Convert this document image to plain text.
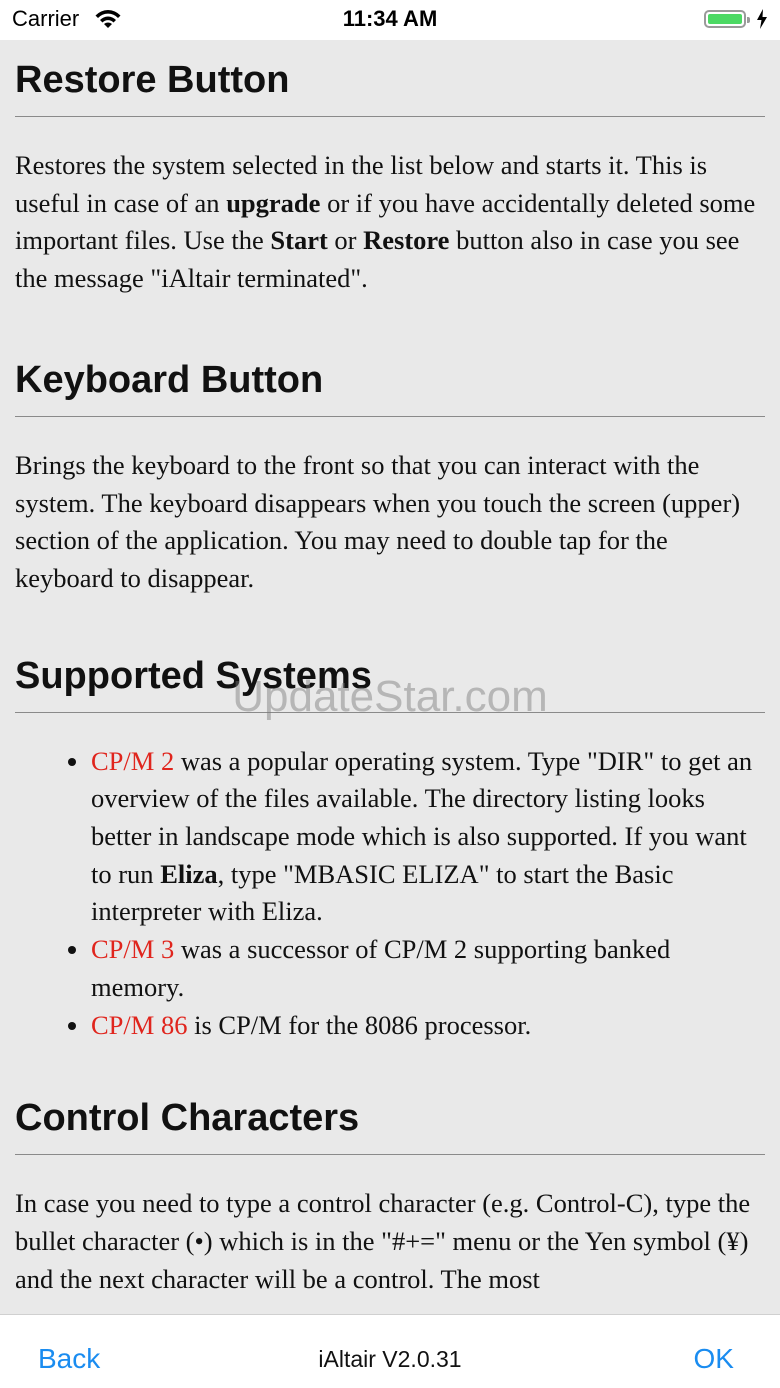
Carrier	11:34 AM
Restore Button

Restores the system selected in the list below and starts it. This is useful in case of an upgrade or if you have accidentally deleted some important files. Use the Start or Restore button also in case you see the message "iAltair terminated".

Keyboard Button

Brings the keyboard to the front so that you can interact with the system. The keyboard disappears when you touch the screen (upper) section of the application. You may need to double tap for the keyboard to disappear.

Supported Systems
• CP/M 2 was a popular operating system. Type "DIR" to get an overview of the files available. The directory listing looks better in landscape mode which is also supported. If you want to run Eliza, type "MBASIC ELIZA" to start the Basic interpreter with Eliza.
• CP/M 3 was a successor of CP/M 2 supporting banked memory.
• CP/M 86 is CP/M for the 8086 processor.
Control Characters

In case you need to type a control character (e.g. Control-C), type the bullet character (•) which is in the "#+=" menu or the Yen symbol (¥) and the next character will be a control. The most

UpdateStar.com
Back	iAltair V2.0.31	OK
